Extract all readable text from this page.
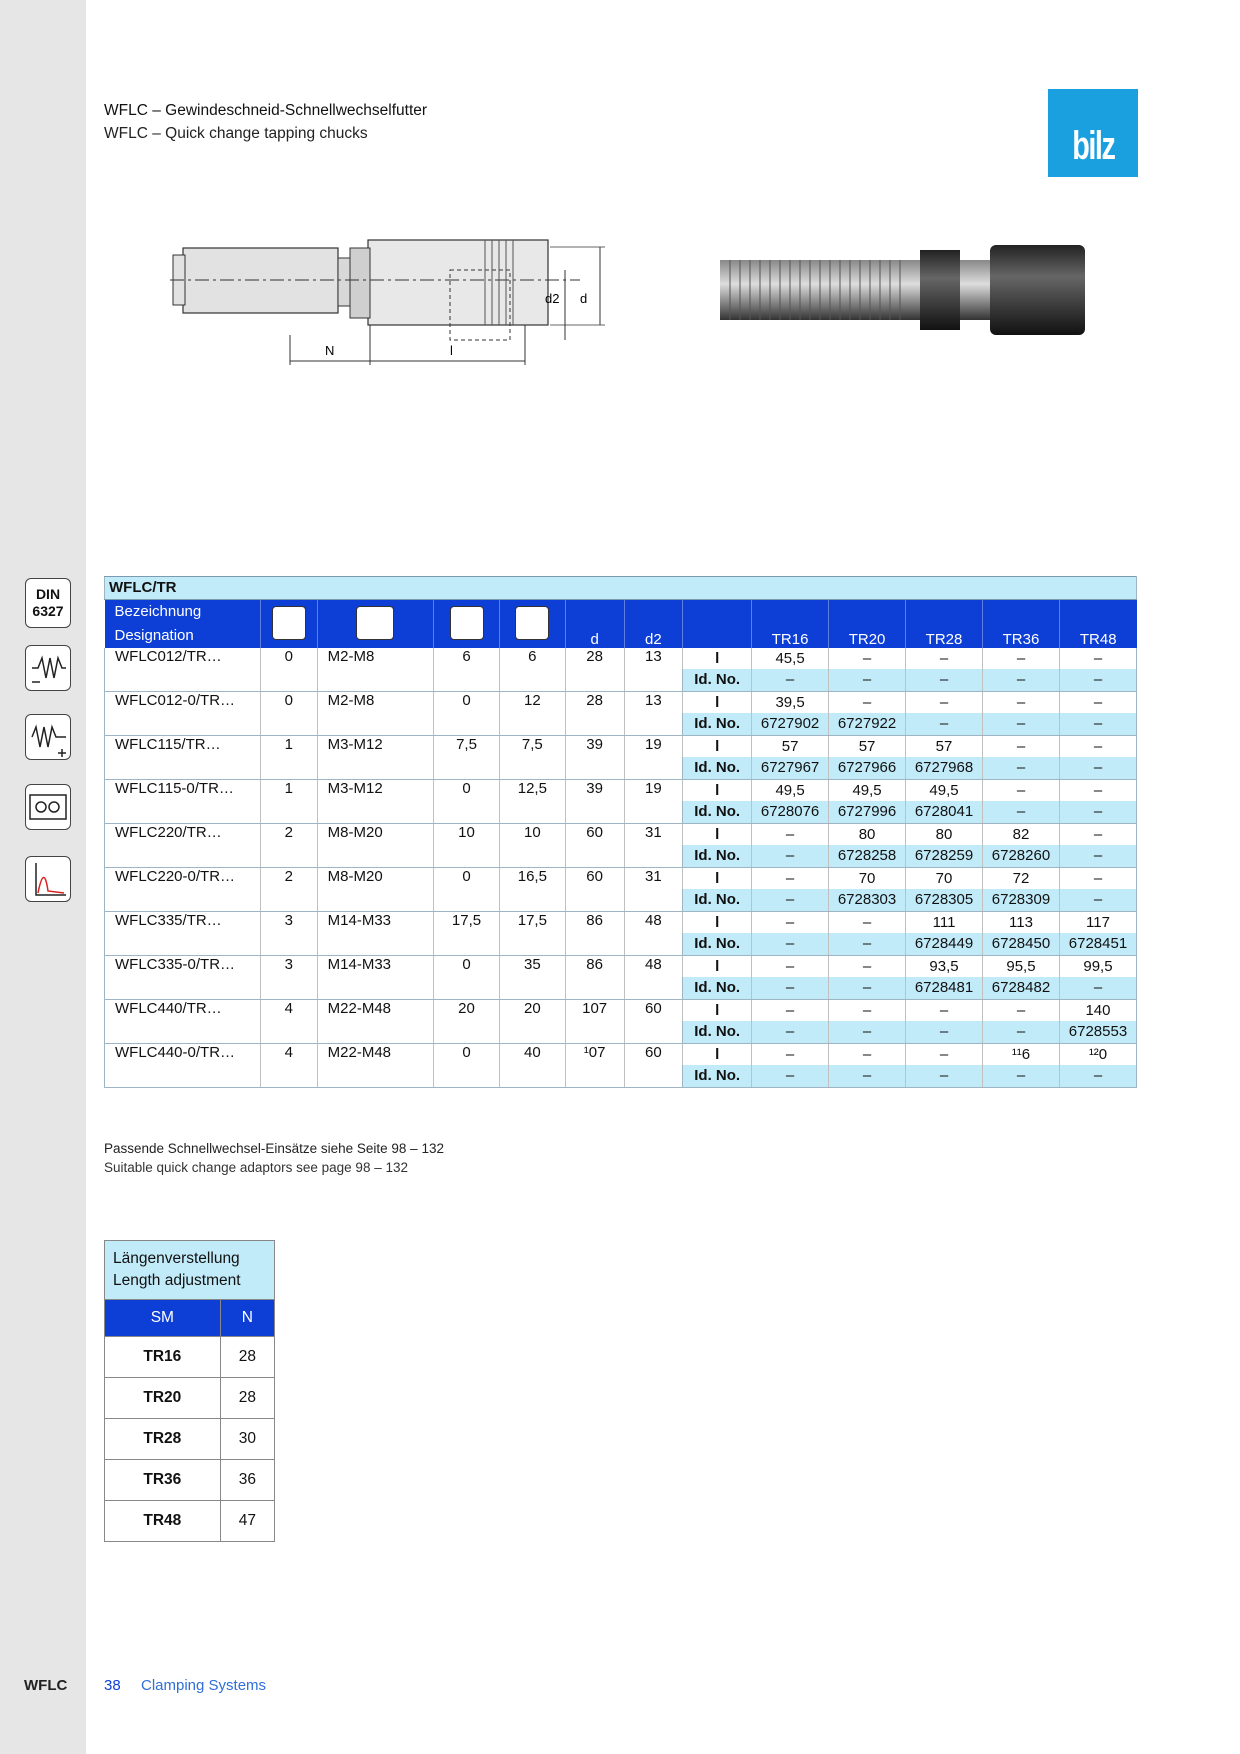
WFLC – Gewindeschneid-Schnellwechselfutter
WFLC – Quick change tapping chucks	bilz
d2 d
N	l
DIN
6327
WFLC/TR												

Bezeichnung
Designation					d	d2		TR16	TR20	TR28	TR36	TR48
WFLC012/TR…	0	M2-M8	6	6	28	13	l	45,5	–	–	–	–
							Id. No.	–	–	–	–	–
WFLC012-0/TR…	0	M2-M8	0	12	28	13	l	39,5	–	–	–	–
							Id. No.	6727902	6727922	–	–	–
WFLC115/TR…	1	M3-M12	7,5	7,5	39	19	l	57	57	57	–	–
							Id. No.	6727967	6727966	6727968	–	–
WFLC115-0/TR…	1	M3-M12	0	12,5	39	19	l	49,5	49,5	49,5	–	–
							Id. No.	6728076	6727996	6728041	–	–
WFLC220/TR…	2	M8-M20	10	10	60	31	l	–	80	80	82	–
							Id. No.	–	6728258	6728259	6728260	–
WFLC220-0/TR…	2	M8-M20	0	16,5	60	31	l	–	70	70	72	–
							Id. No.	–	6728303	6728305	6728309	–
WFLC335/TR…	3	M14-M33	17,5	17,5	86	48	l	–	–	111	113	117
							Id. No.	–	–	6728449	6728450	6728451
WFLC335-0/TR…	3	M14-M33	0	35	86	48	l	–	–	93,5	95,5	99,5
							Id. No.	–	–	6728481	6728482	–
WFLC440/TR…	4	M22-M48	20	20	107	60	l	–	–	–	–	140
							Id. No.	–	–	–	–	6728553
WFLC440-0/TR…	4	M22-M48	0	40	¹07	60	l	–	–	–	¹¹6	¹²0
							Id. No.	–	–	–	–	–
Passende Schnellwechsel-Einsätze siehe Seite 98 – 132
Suitable quick change adaptors see page 98 – 132
Längenverstellung
Length adjustment	

SM	N
TR16	28
TR20	28
TR28	30
TR36	36
TR48	47
WFLC 38 Clamping Systems
